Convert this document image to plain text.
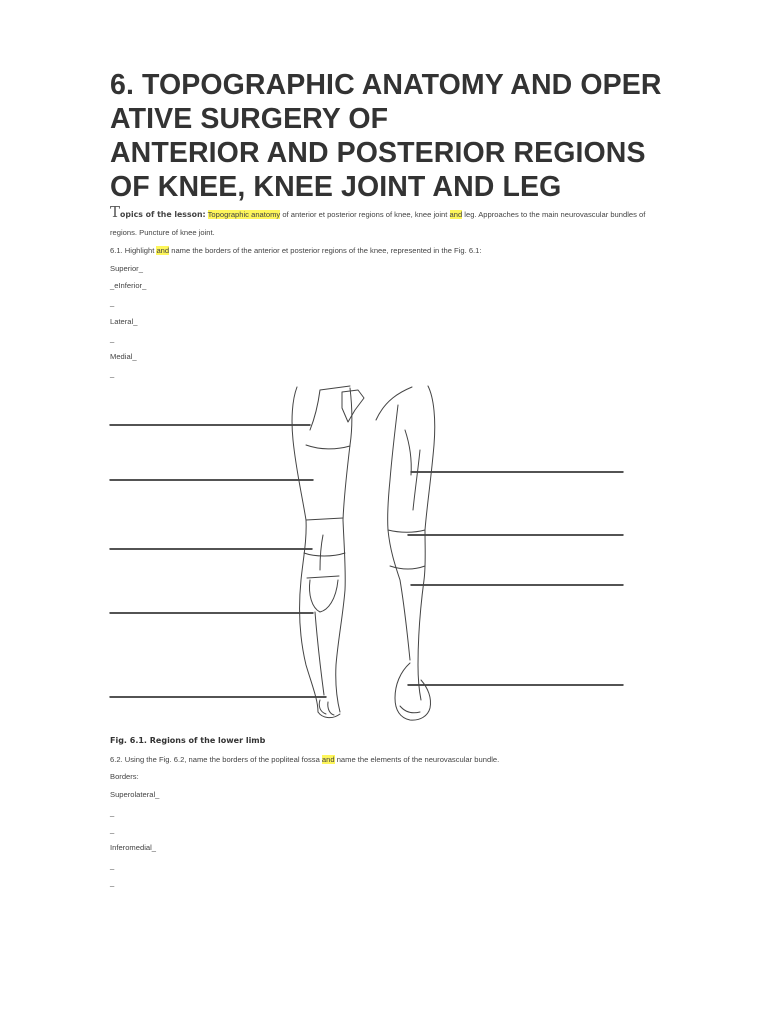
6. TOPOGRAPHIC ANATOMY AND OPER
ATIVE SURGERY OF
ANTERIOR AND POSTERIOR REGIONS
OF KNEE, KNEE JOINT AND LEG
Topics of the lesson: Topographic anatomy of anterior et posterior regions of knee, knee joint and leg. Approaches to the main neurovascular bundles of
regions. Puncture of knee joint.
6.1. Highlight and name the borders of the anterior et posterior regions of the knee, represented in the Fig. 6.1:
Superior_
_eInferior_
_
Lateral_
_
Medial_
_
Fig. 6.1. Regions of the lower limb
6.2. Using the Fig. 6.2, name the borders of the popliteal fossa and name the elements of the neurovascular bundle.
Borders:
Superolateral_
_
_
Inferomedial_
_
_
